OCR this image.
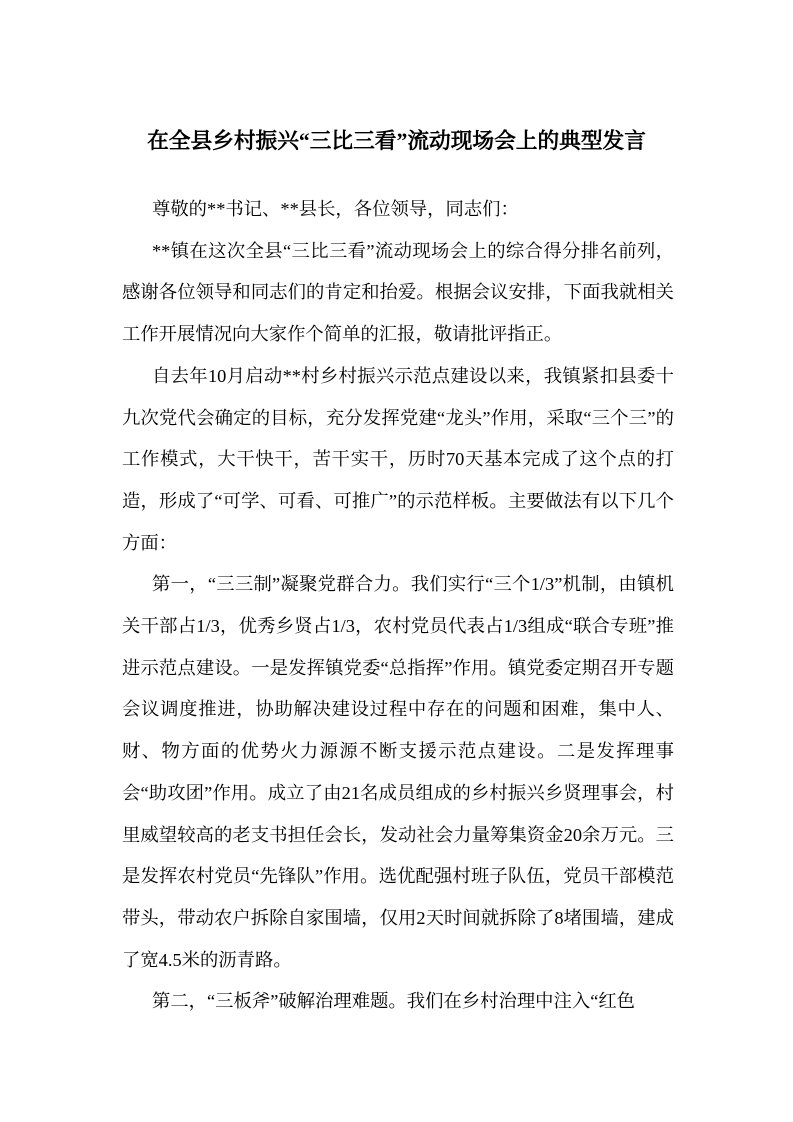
在全县乡村振兴“三比三看”流动现场会上的典型发言

尊敬的**书记、**县长，各位领导，同志们：

**镇在这次全县“三比三看”流动现场会上的综合得分排名前列，感谢各位领导和同志们的肯定和抬爱。根据会议安排，下面我就相关工作开展情况向大家作个简单的汇报，敬请批评指正。

自去年10月启动**村乡村振兴示范点建设以来，我镇紧扣县委十九次党代会确定的目标，充分发挥党建“龙头”作用，采取“三个三”的工作模式，大干快干，苦干实干，历时70天基本完成了这个点的打造，形成了“可学、可看、可推广”的示范样板。主要做法有以下几个方面：

第一，“三三制”凝聚党群合力。我们实行“三个1/3”机制，由镇机关干部占1/3，优秀乡贤占1/3，农村党员代表占1/3组成“联合专班”推进示范点建设。一是发挥镇党委“总指挥”作用。镇党委定期召开专题会议调度推进，协助解决建设过程中存在的问题和困难，集中人、财、物方面的优势火力源源不断支援示范点建设。二是发挥理事会“助攻团”作用。成立了由21名成员组成的乡村振兴乡贤理事会，村里威望较高的老支书担任会长，发动社会力量筹集资金20余万元。三是发挥农村党员“先锋队”作用。选优配强村班子队伍，党员干部模范带头，带动农户拆除自家围墙，仅用2天时间就拆除了8堵围墙，建成了宽4.5米的沥青路。

第二，“三板斧”破解治理难题。我们在乡村治理中注入“红色
